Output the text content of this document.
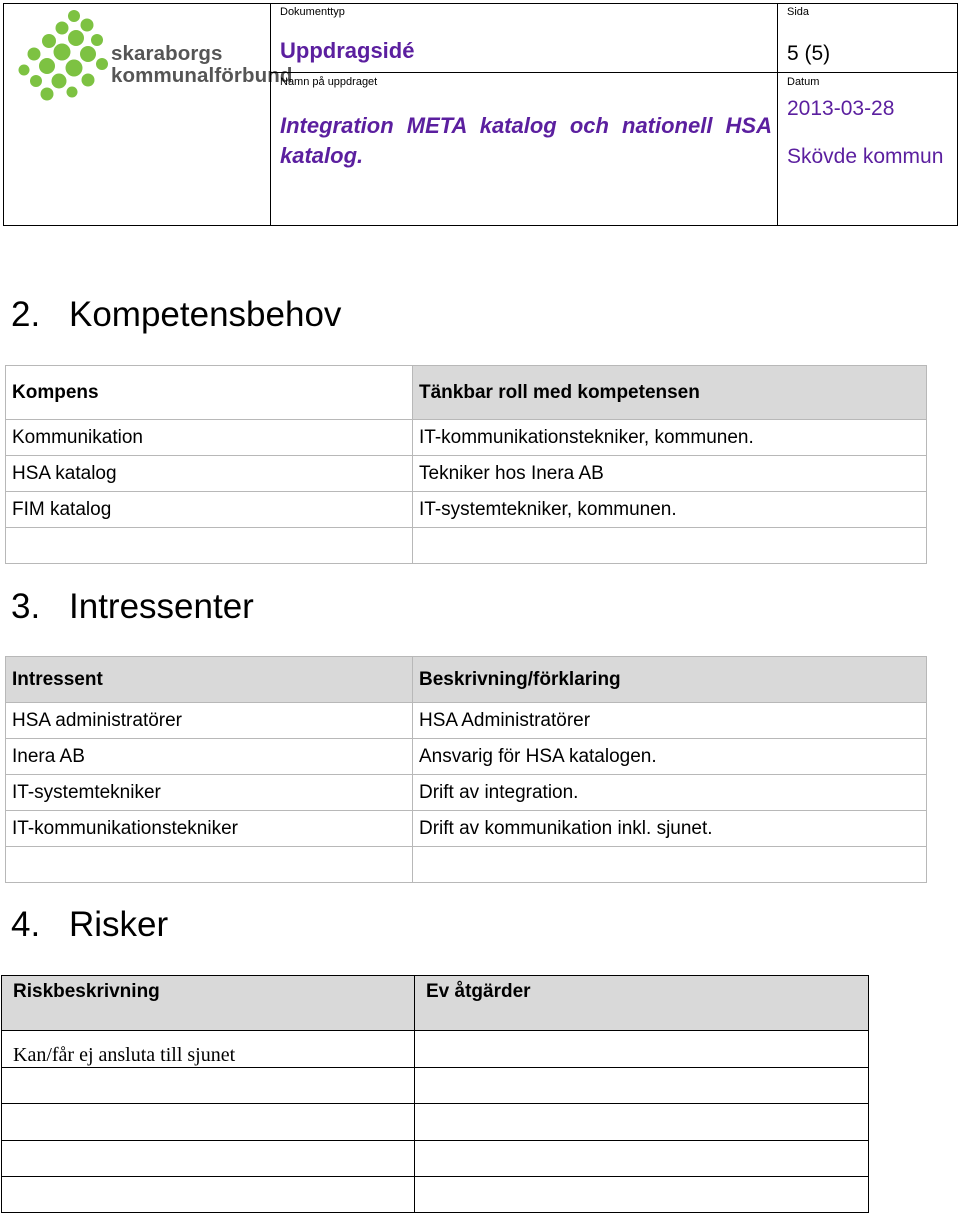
skaraborgs
kommunalförbund
Dokumenttyp
Uppdragsidé
Namn på uppdraget
Integration META katalog och nationell HSA katalog.
Sida
5 (5)
Datum
2013-03-28
Skövde kommun
2. Kompetensbehov
Kompens	Tänkbar roll med kompetensen
Kommunikation	IT-kommunikationstekniker, kommunen.
HSA katalog	Tekniker hos Inera AB
FIM katalog	IT-systemtekniker, kommunen.

3. Intressenter
Intressent	Beskrivning/förklaring
HSA administratörer	HSA Administratörer
Inera AB	Ansvarig för HSA katalogen.
IT-systemtekniker	Drift av integration.
IT-kommunikationstekniker	Drift av kommunikation inkl. sjunet.

4. Risker
Riskbeskrivning	Ev åtgärder
Kan/får ej ansluta till sjunet	
